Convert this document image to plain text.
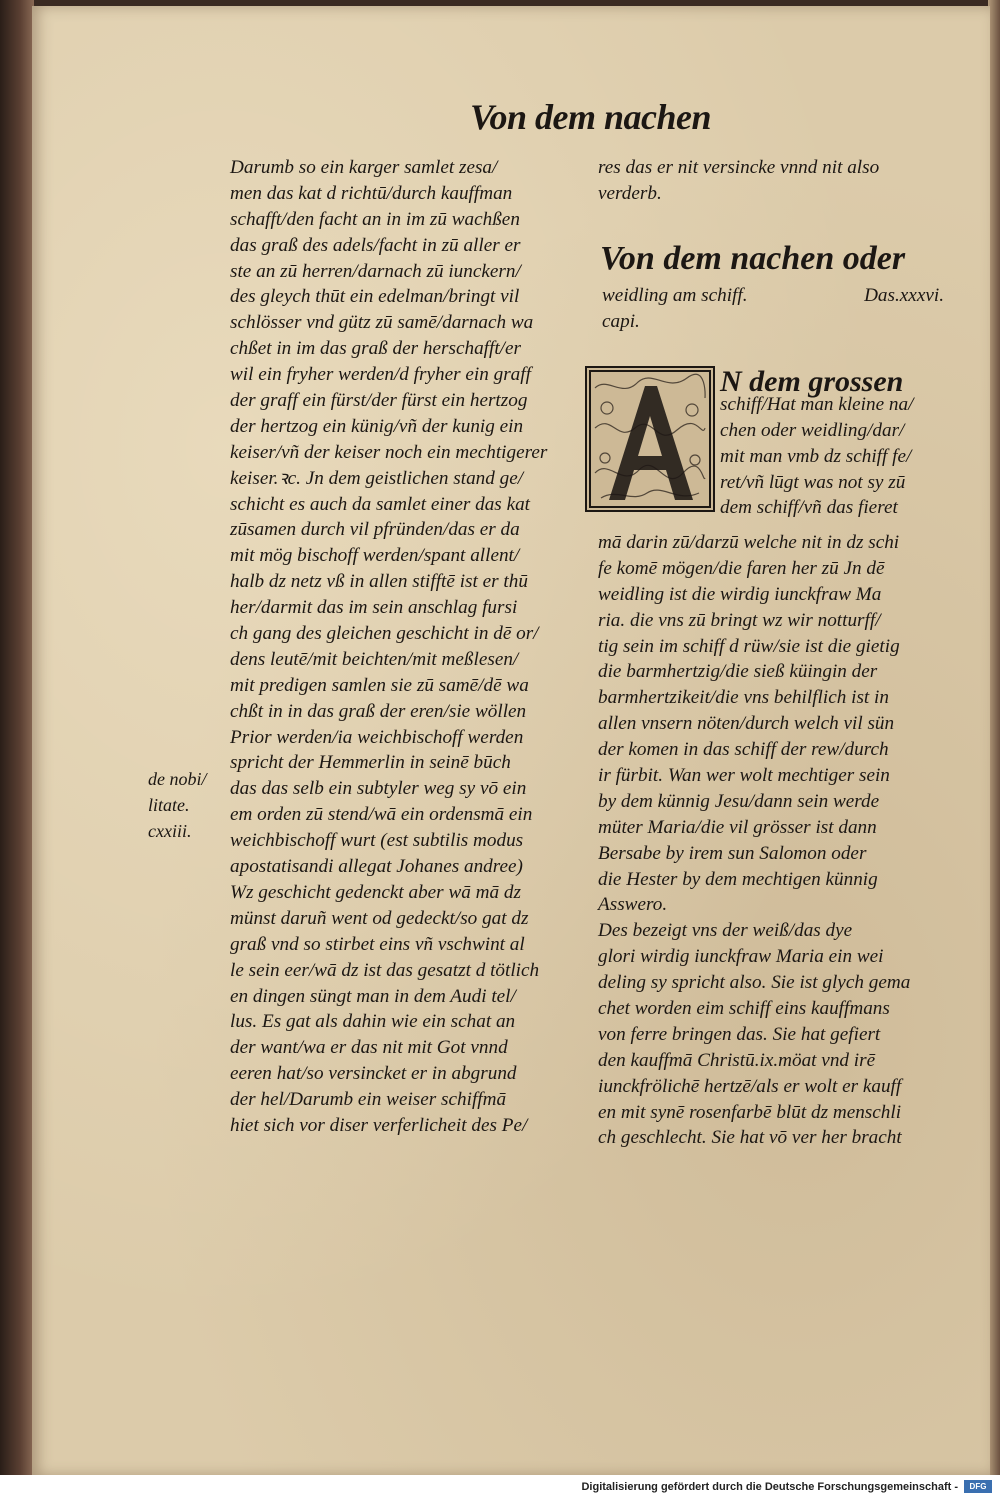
Von dem nachen
Darumb so ein karger samlet zesa/
men das kat d richtū/durch kauffman
schafft/den facht an in im zū wachßen
das graß des adels/facht in zū aller er
ste an zū herren/darnach zū iunckern/
des gleych thūt ein edelman/bringt vil
schlösser vnd gütz zū samē/darnach wa
chßet in im das graß der herschafft/er
wil ein fryher werden/d fryher ein graff
der graff ein fürst/der fürst ein hertzog
der hertzog ein künig/vñ der kunig ein
keiser/vñ der keiser noch ein mechtigerer
keiser.ꝛc. Jn dem geistlichen stand ge/
schicht es auch da samlet einer das kat
zūsamen durch vil pfründen/das er da
mit mög bischoff werden/spant allent/
halb dz netz vß in allen stifftē ist er thū
her/darmit das im sein anschlag fursi
ch gang des gleichen geschicht in dē or/
dens leutē/mit beichten/mit meßlesen/
mit predigen samlen sie zū samē/dē wa
chßt in in das graß der eren/sie wöllen
Prior werden/ia weichbischoff werden
spricht der Hemmerlin in seinē būch
das das selb ein subtyler weg sy vō ein
em orden zū stend/wā ein ordensmā ein
weichbischoff wurt (est subtilis modus
apostatisandi allegat Johanes andree)
Wz geschicht gedenckt aber wā mā dz
münst daruñ went od gedeckt/so gat dz
graß vnd so stirbet eins vñ vschwint al
le sein eer/wā dz ist das gesatzt d tötlich
en dingen süngt man in dem Audi tel/
lus. Es gat als dahin wie ein schat an
der want/wa er das nit mit Got vnnd
eeren hat/so versincket er in abgrund
der hel/Darumb ein weiser schiffmā
hiet sich vor diser verferlicheit des Pe/
de nobi/
litate.
cxxiii.
res das er nit versincke vnnd nit also
verderb.
Von dem nachen oder
weidling am schiff.	Das.xxxvi.
capi.
A	N dem grossen
schiff/Hat man kleine na/
chen oder weidling/dar/
mit man vmb dz schiff fe/
ret/vñ lūgt was not sy zū
dem schiff/vñ das fieret
mā darin zū/darzū welche nit in dz schi
fe komē mögen/die faren her zū Jn dē
weidling ist die wirdig iunckfraw Ma
ria. die vns zū bringt wz wir notturff/
tig sein im schiff d rüw/sie ist die gietig
die barmhertzig/die sieß küingin der
barmhertzikeit/die vns behilflich ist in
allen vnsern nöten/durch welch vil sün
der komen in das schiff der rew/durch
ir fürbit. Wan wer wolt mechtiger sein
by dem künnig Jesu/dann sein werde
müter Maria/die vil grösser ist dann
Bersabe by irem sun Salomon oder
die Hester by dem mechtigen künnig
Asswero.
Des bezeigt vns der weiß/das dye
glori wirdig iunckfraw Maria ein wei
deling sy spricht also. Sie ist glych gema
chet worden eim schiff eins kauffmans
von ferre bringen das. Sie hat gefiert
den kauffmā Christū.ix.möat vnd irē
iunckfrölichē hertzē/als er wolt er kauff
en mit synē rosenfarbē blūt dz menschli
ch geschlecht. Sie hat vō ver her bracht
Digitalisierung gefördert durch die Deutsche Forschungsgemeinschaft -	DFG
